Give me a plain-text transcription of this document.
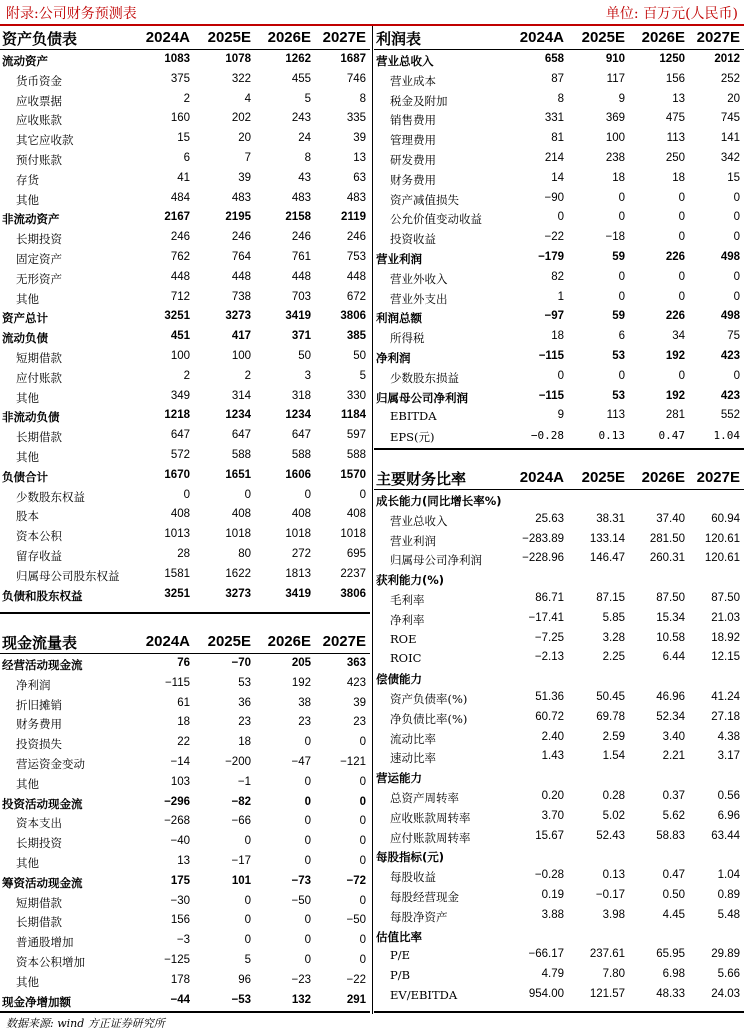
附录:公司财务预测表	单位: 百万元(人民币)
资产负债表	2024A 2025E 2026E 2027E
流动资产	1083	1078	1262	1687
货币资金	375	322	455	746
应收票据	2	4	5	8
应收账款	160	202	243	335
其它应收款	15	20	24	39
预付账款	6	7	8	13
存货	41	39	43	63
其他	484	483	483	483
非流动资产	2167	2195	2158	2119
长期投资	246	246	246	246
固定资产	762	764	761	753
无形资产	448	448	448	448
其他	712	738	703	672
资产总计	3251	3273	3419	3806
流动负债	451	417	371	385
短期借款	100	100	50	50
应付账款	2	2	3	5
其他	349	314	318	330
非流动负债	1218	1234	1234	1184
长期借款	647	647	647	597
其他	572	588	588	588
负债合计	1670	1651	1606	1570
少数股东权益	0	0	0	0
股本	408	408	408	408
资本公积	1013	1018	1018	1018
留存收益	28	80	272	695
归属母公司股东权益	1581	1622	1813	2237
负债和股东权益	3251	3273	3419	3806
现金流量表	2024A 2025E 2026E 2027E
经营活动现金流	76	−70	205	363
净利润	−115	53	192	423
折旧摊销	61	36	38	39
财务费用	18	23	23	23
投资损失	22	18	0	0
营运资金变动	−14	−200	−47	−121
其他	103	−1	0	0
投资活动现金流	−296	−82	0	0
资本支出	−268	−66	0	0
长期投资	−40	0	0	0
其他	13	−17	0	0
筹资活动现金流	175	101	−73	−72
短期借款	−30	0	−50	0
长期借款	156	0	0	−50
普通股增加	−3	0	0	0
资本公积增加	−125	5	0	0
其他	178	96	−23	−22
现金净增加额	−44	−53	132	291
利润表	2024A 2025E 2026E 2027E
营业总收入	658	910	1250	2012
营业成本	87	117	156	252
税金及附加	8	9	13	20
销售费用	331	369	475	745
管理费用	81	100	113	141
研发费用	214	238	250	342
财务费用	14	18	18	15
资产减值损失	−90	0	0	0
公允价值变动收益	0	0	0	0
投资收益	−22	−18	0	0
营业利润	−179	59	226	498
营业外收入	82	0	0	0
营业外支出	1	0	0	0
利润总额	−97	59	226	498
所得税	18	6	34	75
净利润	−115	53	192	423
少数股东损益	0	0	0	0
归属母公司净利润	−115	53	192	423
EBITDA	9	113	281	552
EPS(元)	−0.28	0.13	0.47	1.04
主要财务比率	2024A 2025E 2026E 2027E
成长能力(同比增长率%)
营业总收入	25.63	38.31	37.40 60.94
营业利润	−283.89 133.14 281.50 120.61
归属母公司净利润	−228.96 146.47 260.31 120.61
获利能力(%)
毛利率	86.71	87.15	87.50 87.50
净利率	−17.41	5.85	15.34 21.03
ROE	−7.25	3.28	10.58 18.92
ROIC	−2.13	2.25	6.44 12.15
偿债能力
资产负债率(%)	51.36	50.45	46.96 41.24
净负债比率(%)	60.72	69.78	52.34 27.18
流动比率	2.40	2.59	3.40	4.38
速动比率	1.43	1.54	2.21	3.17
营运能力
总资产周转率	0.20	0.28	0.37	0.56
应收账款周转率	3.70	5.02	5.62	6.96
应付账款周转率	15.67	52.43	58.83 63.44
每股指标(元)
每股收益	−0.28	0.13	0.47	1.04
每股经营现金	0.19	−0.17	0.50	0.89
每股净资产	3.88	3.98	4.45	5.48
估值比率
P/E	−66.17 237.61	65.95 29.89
P/B	4.79	7.80	6.98	5.66
EV/EBITDA	954.00 121.57	48.33 24.03
数据来源: wind 方正证券研究所
